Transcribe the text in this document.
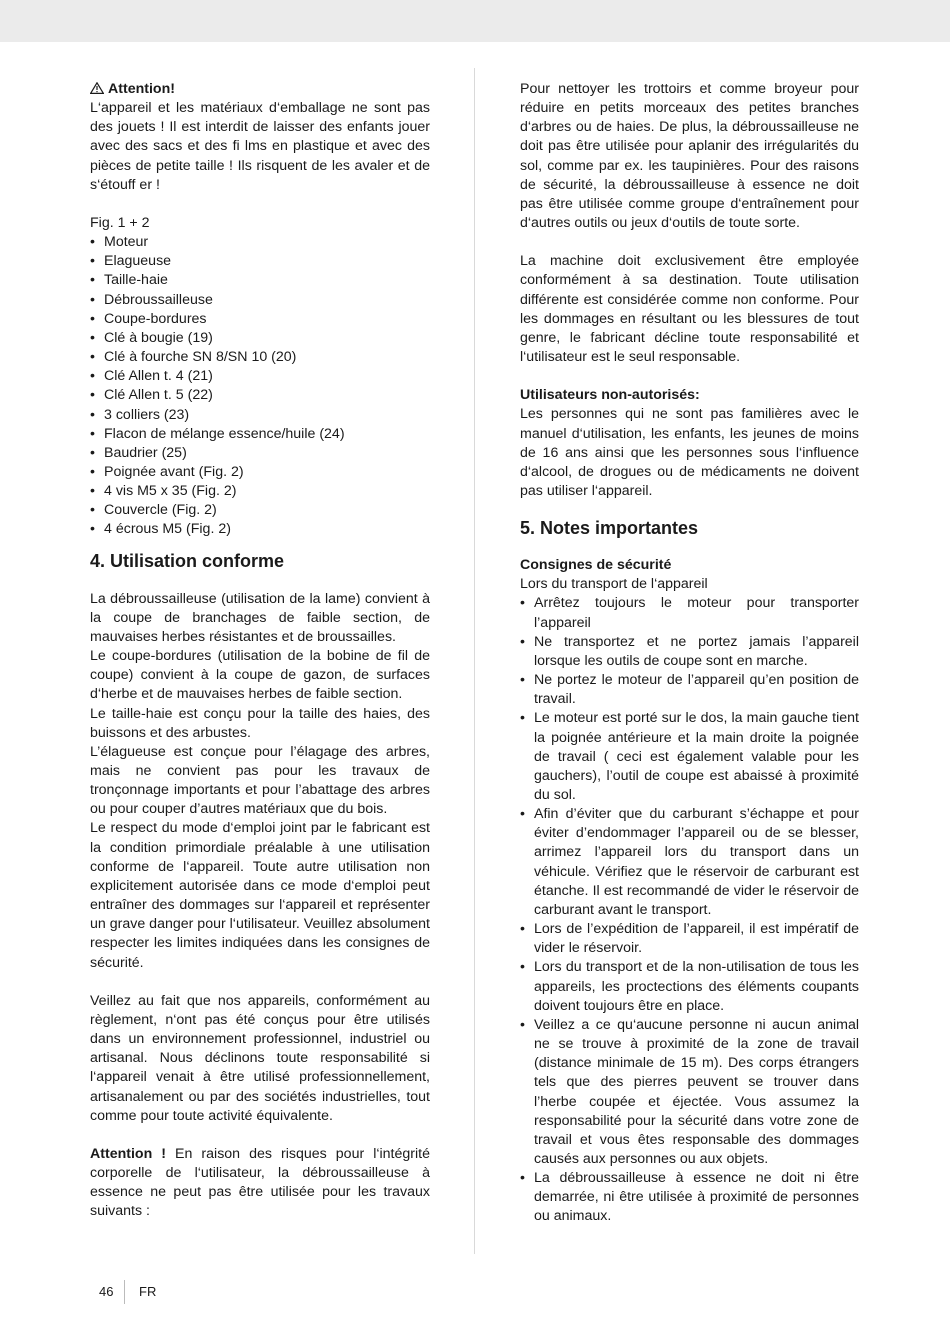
Attention!

L‘appareil et les matériaux d‘emballage ne sont pas des jouets ! Il est interdit de laisser des enfants jouer avec des sacs et des fi lms en plastique et avec des pièces de petite taille ! Ils risquent de les avaler et de s‘étouff er !

Fig. 1 + 2

• Moteur
• Elagueuse
• Taille-haie
• Débroussailleuse
• Coupe-bordures
• Clé à bougie (19)
• Clé à fourche SN 8/SN 10 (20)
• Clé Allen t. 4 (21)
• Clé Allen t. 5 (22)
• 3 colliers (23)
• Flacon de mélange essence/huile (24)
• Baudrier (25)
• Poignée avant (Fig. 2)
• 4 vis M5 x 35 (Fig. 2)
• Couvercle (Fig. 2)
• 4 écrous M5 (Fig. 2)
4. Utilisation conforme

La débroussailleuse (utilisation de la lame) convient à la coupe de branchages de faible section, de mauvaises herbes résistantes et de broussailles.

Le coupe-bordures (utilisation de la bobine de fil de coupe) convient à la coupe de gazon, de surfaces d‘herbe et de mauvaises herbes de faible section.

Le taille-haie est conçu pour la taille des haies, des buissons et des arbustes.

L’élagueuse est conçue pour l’élagage des arbres, mais ne convient pas pour les travaux de tronçonnage importants et pour l’abattage des arbres ou pour couper d’autres matériaux que du bois.

Le respect du mode d‘emploi joint par le fabricant est la condition primordiale préalable à une utilisation conforme de l‘appareil. Toute autre utilisation non explicitement autorisée dans ce mode d‘emploi peut entraîner des dommages sur l‘appareil et représenter un grave danger pour l‘utilisateur. Veuillez absolument respecter les limites indiquées dans les consignes de sécurité.

Veillez au fait que nos appareils, conformément au règlement, n‘ont pas été conçus pour être utilisés dans un environnement professionnel, industriel ou artisanal. Nous déclinons toute responsabilité si l‘appareil venait à être utilisé professionnellement, artisanalement ou par des sociétés industrielles, tout comme pour toute activité équivalente.

Attention ! En raison des risques pour l‘intégrité corporelle de l‘utilisateur, la débroussailleuse à essence ne peut pas être utilisée pour les travaux suivants :

Pour nettoyer les trottoirs et comme broyeur pour réduire en petits morceaux des petites branches d‘arbres ou de haies. De plus, la débroussailleuse ne doit pas être utilisée pour aplanir des irrégularités du sol, comme par ex. les taupinières. Pour des raisons de sécurité, la débroussailleuse à essence ne doit pas être utilisée comme groupe d‘entraînement pour d‘autres outils ou jeux d‘outils de toute sorte.

La machine doit exclusivement être employée conformément à sa destination. Toute utilisation différente est considérée comme non conforme. Pour les dommages en résultant ou les blessures de tout genre, le fabricant décline toute responsabilité et l‘utilisateur est le seul responsable.

Utilisateurs non-autorisés:

Les personnes qui ne sont pas familières avec le manuel d‘utilisation, les enfants, les jeunes de moins de 16 ans ainsi que les personnes sous l‘influence d‘alcool, de drogues ou de médicaments ne doivent pas utiliser l‘appareil.

5. Notes importantes

Consignes de sécurité

Lors du transport de l‘appareil

• Arrêtez toujours le moteur pour transporter l’appareil
• Ne transportez et ne portez jamais l’appareil lorsque les outils de coupe sont en marche.
• Ne portez le moteur de l’appareil qu’en position de travail.
• Le moteur est porté sur le dos, la main gauche tient la poignée antérieure et la main droite la poignée de travail ( ceci est également valable pour les gauchers), l’outil de coupe est abaissé à proximité du sol.
• Afin d’éviter que du carburant s’échappe et pour éviter d’endommager l’appareil ou de se blesser, arrimez l’appareil lors du transport dans un véhicule. Vérifiez que le réservoir de carburant est étanche. Il est recommandé de vider le réservoir de carburant avant le transport.
• Lors de l’expédition de l’appareil, il est impératif de vider le réservoir.
• Lors du transport et de la non-utilisation de tous les appareils, les proctections des éléments coupants doivent toujours être en place.
• Veillez a ce qu‘aucune personne ni aucun animal ne se trouve à proximité de la zone de travail (distance minimale de 15 m). Des corps étrangers tels que des pierres peuvent se trouver dans l’herbe coupée et éjectée. Vous assumez la responsabilité pour la sécurité dans votre zone de travail et vous êtes responsable des dommages causés aux personnes ou aux objets.
• La débroussailleuse à essence ne doit ni être demarrée, ni être utilisée à proximité de personnes ou animaux.
46 FR
